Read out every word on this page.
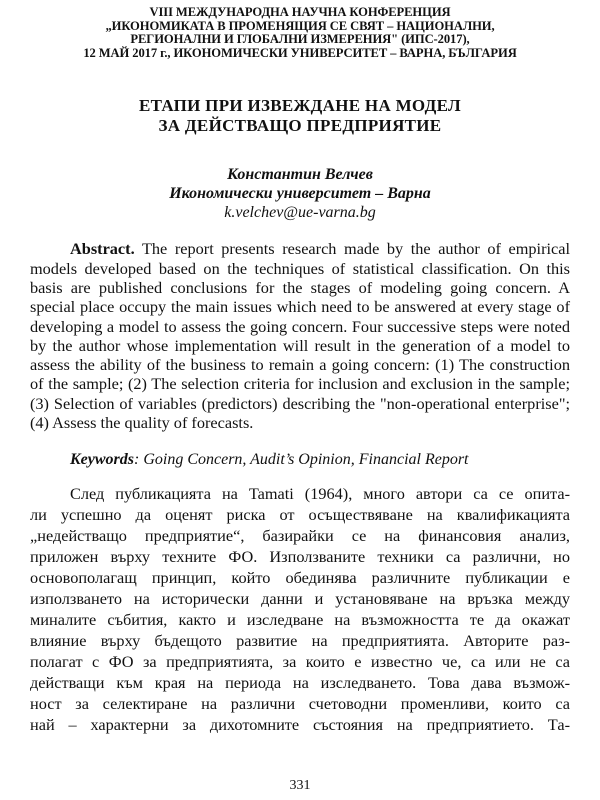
VIII МЕЖДУНАРОДНА НАУЧНА КОНФЕРЕНЦИЯ
„ИКОНОМИКАТА В ПРОМЕНЯЩИЯ СЕ СВЯТ – НАЦИОНАЛНИ,
РЕГИОНАЛНИ И ГЛОБАЛНИ ИЗМЕРЕНИЯ" (ИПС-2017),
12 МАЙ 2017 г., ИКОНОМИЧЕСКИ УНИВЕРСИТЕТ – ВАРНА, БЪЛГАРИЯ
ЕТАПИ ПРИ ИЗВЕЖДАНЕ НА МОДЕЛ
ЗА ДЕЙСТВАЩО ПРЕДПРИЯТИЕ
Константин Велчев
Икономически университет – Варна
k.velchev@ue-varna.bg
Abstract. The report presents research made by the author of empirical models developed based on the techniques of statistical classification. On this basis are published conclusions for the stages of modeling going concern. A special place occupy the main issues which need to be answered at every stage of developing a model to assess the going concern. Four successive steps were noted by the author whose implementation will result in the generation of a model to assess the ability of the business to remain a going concern: (1) The construction of the sample; (2) The selection criteria for inclusion and exclusion in the sample; (3) Selection of variables (predictors) describing the "non-operational enterprise"; (4) Assess the quality of forecasts.
Keywords: Going Concern, Audit’s Opinion, Financial Report
След публикацията на Tamati (1964), много автори са се опита-
ли успешно да оценят риска от осъществяване на квалификацията
„недействащо предприятие“, базирайки се на финансовия анализ,
приложен върху техните ФО. Използваните техники са различни, но
основополагащ принцип, който обединява различните публикации е
използването на исторически данни и установяване на връзка между
миналите събития, както и изследване на възможността те да окажат
влияние върху бъдещото развитие на предприятията. Авторите раз-
полагат с ФО за предприятията, за които е известно че, са или не са
действащи към края на периода на изследването. Това дава възмож-
ност за селектиране на различни счетоводни променливи, които са
най – характерни за дихотомните състояния на предприятието. Та-
331
